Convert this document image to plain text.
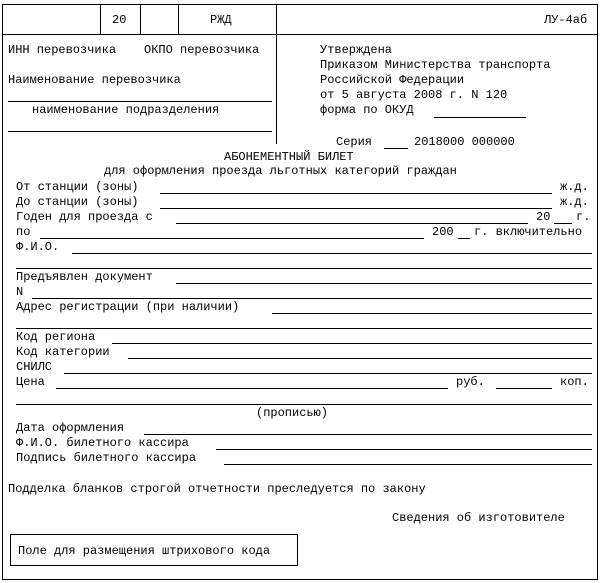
20	РЖД	ЛУ-4аб
ИНН перевозчика ОКПО перевозчика
Наименование перевозчика
наименование подразделения
Утверждена
Приказом Министерства транспорта
Российской Федерации
от 5 августа 2008 г. N 120
форма по ОКУД
Серия	2018000 000000
АБОНЕМЕНТНЫЙ БИЛЕТ
для оформления проезда льготных категорий граждан
От станции (зоны)	ж.д.
До станции (зоны)	ж.д.
Годен для проезда с	20 г.
по	200 г. включительно
Ф.И.О.
Предъявлен документ
N
Адрес регистрации (при наличии)
Код региона
Код категории
СНИЛС
Цена	руб.	коп.
(прописью)
Дата оформления
Ф.И.О. билетного кассира
Подпись билетного кассира
Подделка бланков строгой отчетности преследуется по закону
Сведения об изготовителе
Поле для размещения штрихового кода
